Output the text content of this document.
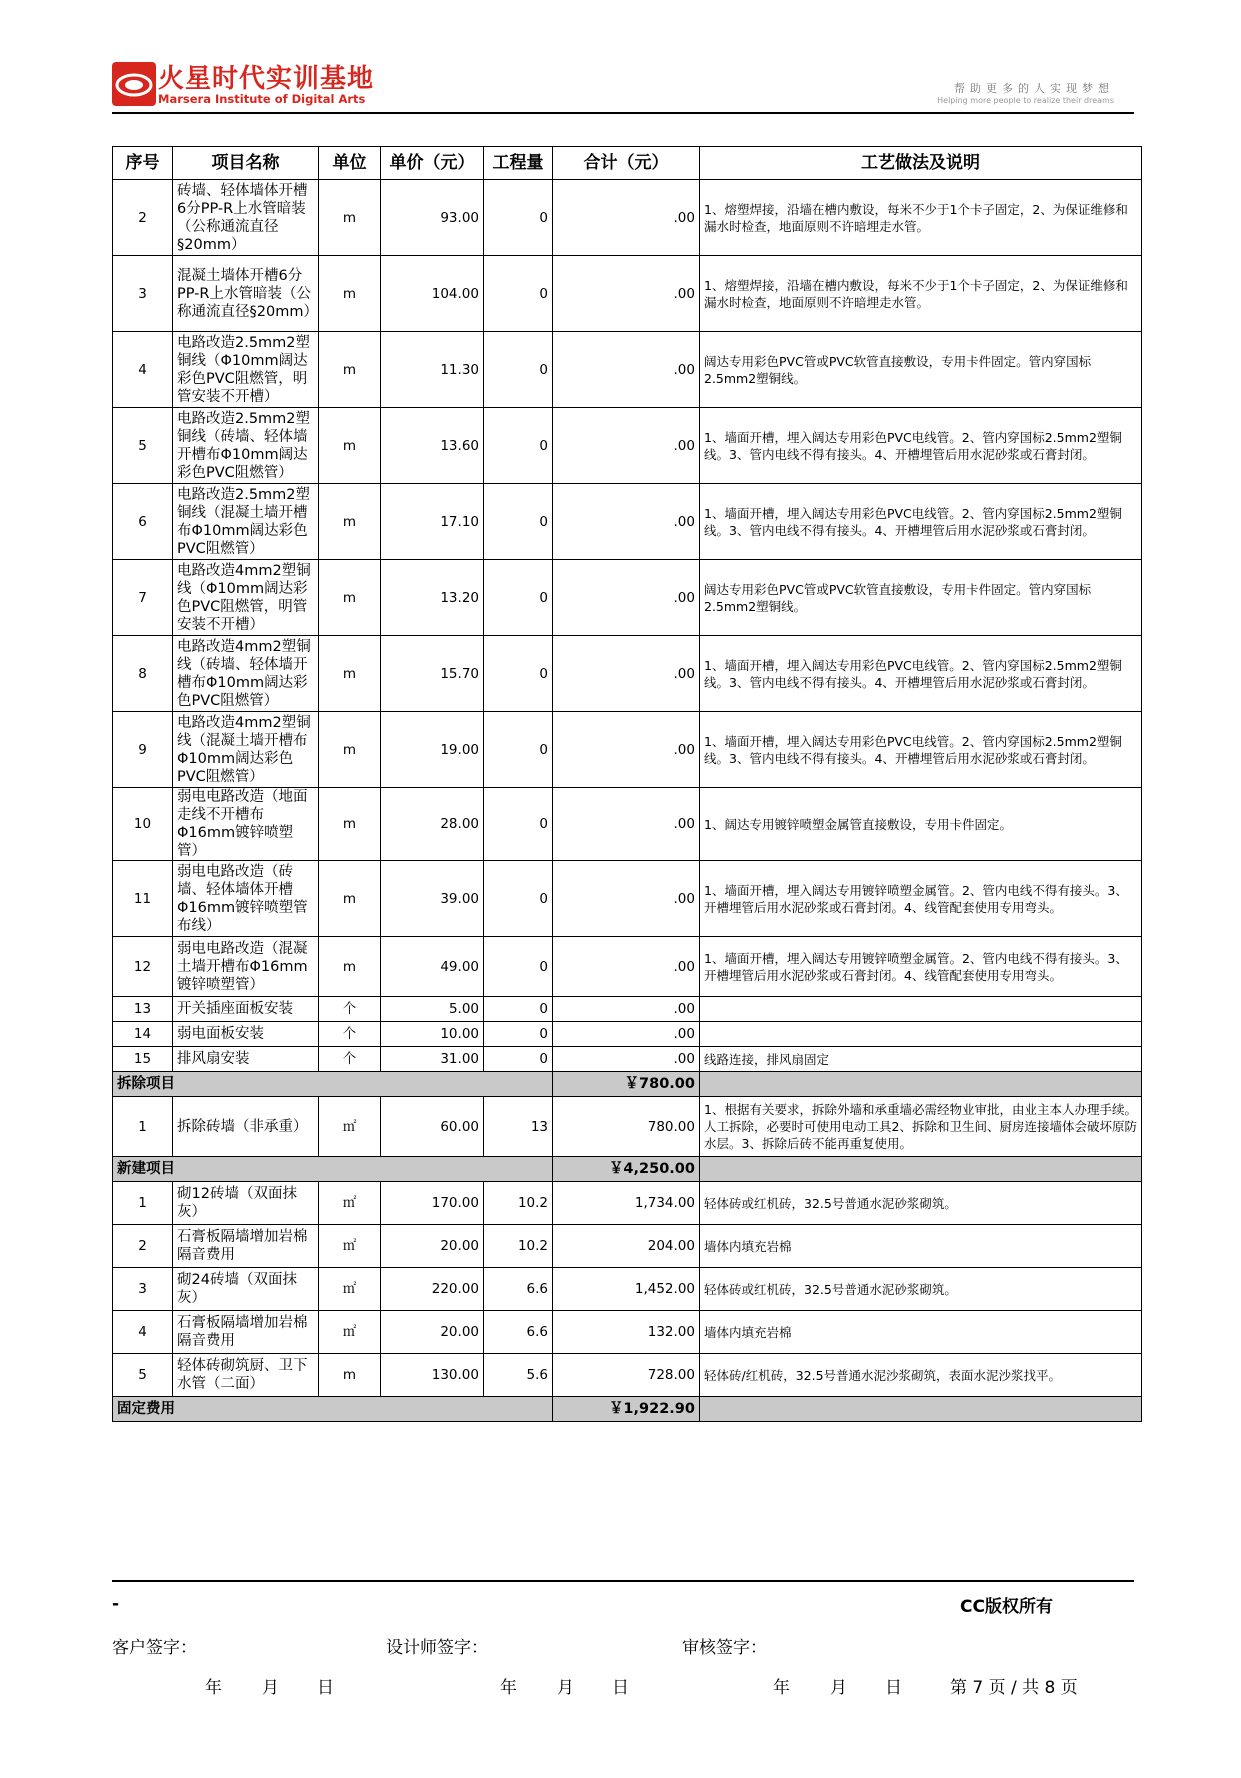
火星时代实训基地
Marsera Institute of Digital Arts
帮助更多的人实现梦想
Helping more people to realize their dreams
序号	项目名称	单位	单价（元）	工程量	合计（元）	工艺做法及说明
2	砖墙、轻体墙体开槽6分PP-R上水管暗装（公称通流直径§20mm）	m	93.00	0	.00	1、熔塑焊接，沿墙在槽内敷设，每米不少于1个卡子固定，2、为保证维修和漏水时检查，地面原则不许暗埋走水管。
3	混凝土墙体开槽6分PP-R上水管暗装（公称通流直径§20mm）	m	104.00	0	.00	1、熔塑焊接，沿墙在槽内敷设，每米不少于1个卡子固定，2、为保证维修和漏水时检查，地面原则不许暗埋走水管。
4	电路改造2.5mm2塑铜线（Φ10mm阔达彩色PVC阻燃管，明管安装不开槽）	m	11.30	0	.00	阔达专用彩色PVC管或PVC软管直接敷设，专用卡件固定。管内穿国标2.5mm2塑铜线。
5	电路改造2.5mm2塑铜线（砖墙、轻体墙开槽布Φ10mm阔达彩色PVC阻燃管）	m	13.60	0	.00	1、墙面开槽，埋入阔达专用彩色PVC电线管。2、管内穿国标2.5mm2塑铜线。3、管内电线不得有接头。4、开槽埋管后用水泥砂浆或石膏封闭。
6	电路改造2.5mm2塑铜线（混凝土墙开槽布Φ10mm阔达彩色PVC阻燃管）	m	17.10	0	.00	1、墙面开槽，埋入阔达专用彩色PVC电线管。2、管内穿国标2.5mm2塑铜线。3、管内电线不得有接头。4、开槽埋管后用水泥砂浆或石膏封闭。
7	电路改造4mm2塑铜线（Φ10mm阔达彩色PVC阻燃管，明管安装不开槽）	m	13.20	0	.00	阔达专用彩色PVC管或PVC软管直接敷设，专用卡件固定。管内穿国标2.5mm2塑铜线。
8	电路改造4mm2塑铜线（砖墙、轻体墙开槽布Φ10mm阔达彩色PVC阻燃管）	m	15.70	0	.00	1、墙面开槽，埋入阔达专用彩色PVC电线管。2、管内穿国标2.5mm2塑铜线。3、管内电线不得有接头。4、开槽埋管后用水泥砂浆或石膏封闭。
9	电路改造4mm2塑铜线（混凝土墙开槽布Φ10mm阔达彩色PVC阻燃管）	m	19.00	0	.00	1、墙面开槽，埋入阔达专用彩色PVC电线管。2、管内穿国标2.5mm2塑铜线。3、管内电线不得有接头。4、开槽埋管后用水泥砂浆或石膏封闭。
10	弱电电路改造（地面走线不开槽布Φ16mm镀锌喷塑管）	m	28.00	0	.00	1、阔达专用镀锌喷塑金属管直接敷设，专用卡件固定。
11	弱电电路改造（砖墙、轻体墙体开槽Φ16mm镀锌喷塑管布线）	m	39.00	0	.00	1、墙面开槽，埋入阔达专用镀锌喷塑金属管。2、管内电线不得有接头。3、开槽埋管后用水泥砂浆或石膏封闭。4、线管配套使用专用弯头。
12	弱电电路改造（混凝土墙开槽布Φ16mm镀锌喷塑管）	m	49.00	0	.00	1、墙面开槽，埋入阔达专用镀锌喷塑金属管。2、管内电线不得有接头。3、开槽埋管后用水泥砂浆或石膏封闭。4、线管配套使用专用弯头。
13	开关插座面板安装	个	5.00	0	.00	
14	弱电面板安装	个	10.00	0	.00	
15	排风扇安装	个	31.00	0	.00	线路连接，排风扇固定
拆除项目					￥780.00	
1	拆除砖墙（非承重）	㎡	60.00	13	780.00	1、根据有关要求，拆除外墙和承重墙必需经物业审批，由业主本人办理手续。人工拆除，必要时可使用电动工具2、拆除和卫生间、厨房连接墙体会破坏原防水层。3、拆除后砖不能再重复使用。
新建项目					￥4,250.00	
1	砌12砖墙（双面抹灰）	㎡	170.00	10.2	1,734.00	轻体砖或红机砖，32.5号普通水泥砂浆砌筑。
2	石膏板隔墙增加岩棉隔音费用	㎡	20.00	10.2	204.00	墙体内填充岩棉
3	砌24砖墙（双面抹灰）	㎡	220.00	6.6	1,452.00	轻体砖或红机砖，32.5号普通水泥砂浆砌筑。
4	石膏板隔墙增加岩棉隔音费用	㎡	20.00	6.6	132.00	墙体内填充岩棉
5	轻体砖砌筑厨、卫下水管（二面）	m	130.00	5.6	728.00	轻体砖/红机砖，32.5号普通水泥沙浆砌筑，表面水泥沙浆找平。
固定费用					￥1,922.90	
-	CC版权所有
客户签字：	设计师签字：	审核签字：
年 月 日	年 月 日	年 月 日	第 7 页 / 共 8 页
